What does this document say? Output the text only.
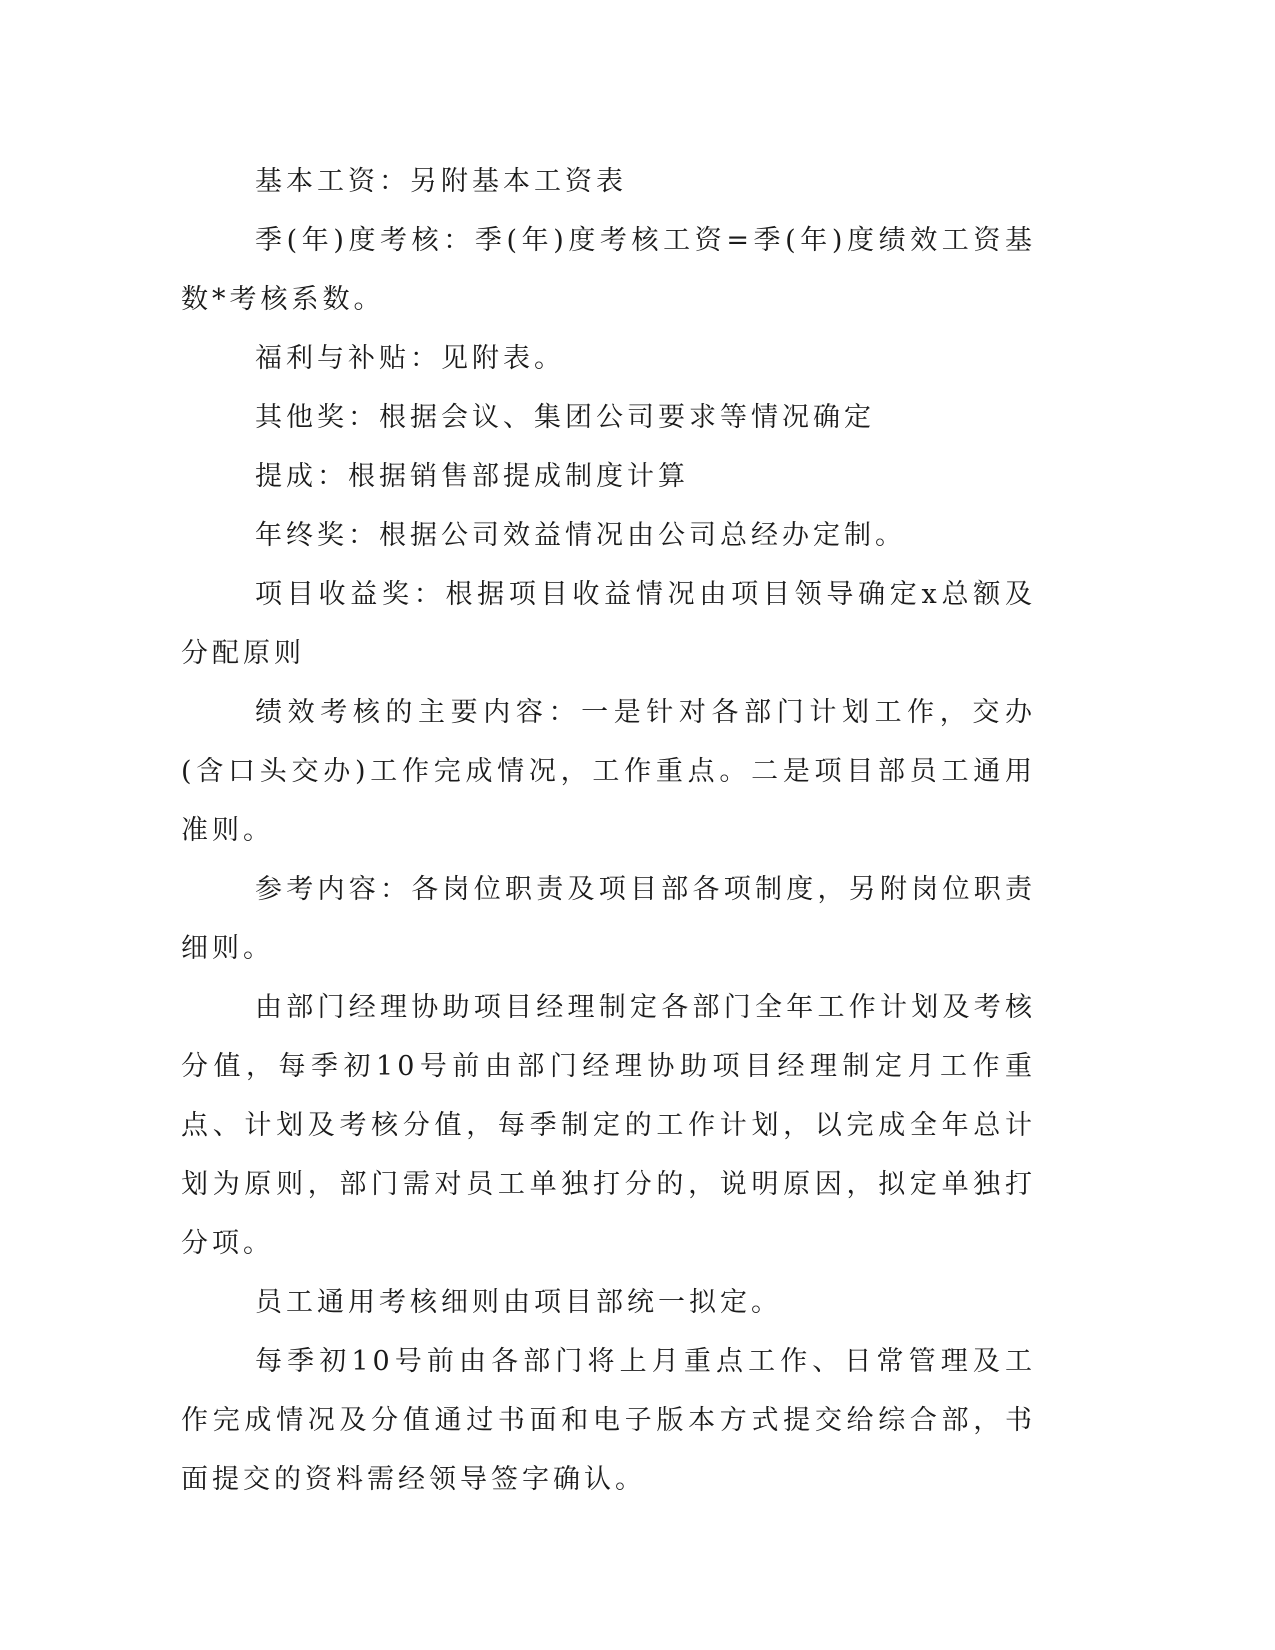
基本工资：另附基本工资表

季(年)度考核：季(年)度考核工资=季(年)度绩效工资基数*考核系数。

福利与补贴：见附表。

其他奖：根据会议、集团公司要求等情况确定

提成：根据销售部提成制度计算

年终奖：根据公司效益情况由公司总经办定制。

项目收益奖：根据项目收益情况由项目领导确定x总额及分配原则

绩效考核的主要内容：一是针对各部门计划工作，交办(含口头交办)工作完成情况，工作重点。二是项目部员工通用准则。

参考内容：各岗位职责及项目部各项制度，另附岗位职责细则。

由部门经理协助项目经理制定各部门全年工作计划及考核分值，每季初10号前由部门经理协助项目经理制定月工作重点、计划及考核分值，每季制定的工作计划，以完成全年总计划为原则，部门需对员工单独打分的，说明原因，拟定单独打分项。

员工通用考核细则由项目部统一拟定。

每季初10号前由各部门将上月重点工作、日常管理及工作完成情况及分值通过书面和电子版本方式提交给综合部，书面提交的资料需经领导签字确认。
